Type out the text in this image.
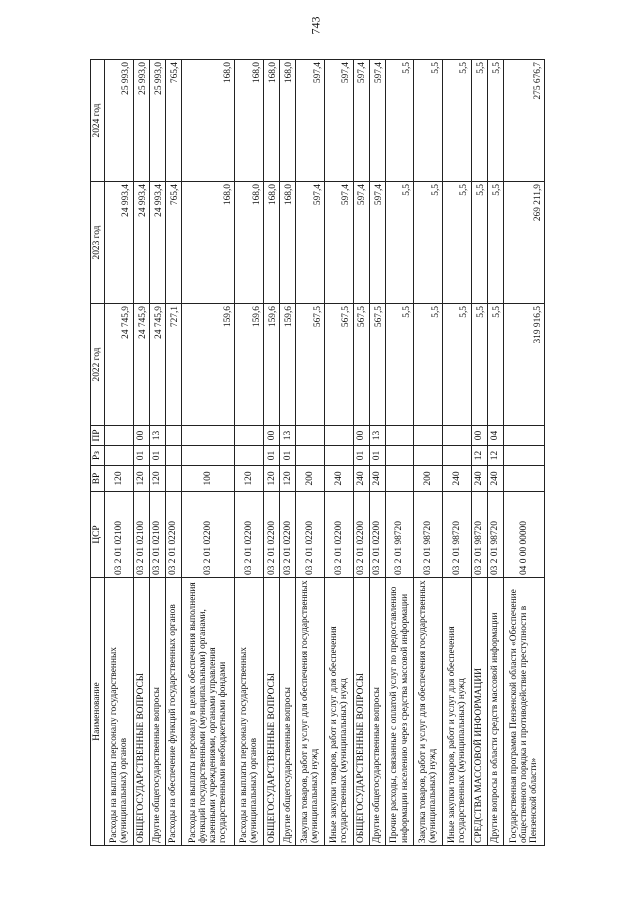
743
Наименование	ЦСР	ВР	Рз	ПР	2022 год	2023 год	2024 год
Расходы на выплаты персоналу государственных (муниципальных) органов	03 2 01 02100	120			24 745,9	24 993,4	25 993,0
ОБЩЕГОСУДАРСТВЕННЫЕ ВОПРОСЫ	03 2 01 02100	120	01	00	24 745,9	24 993,4	25 993,0
Другие общегосударственные вопросы	03 2 01 02100	120	01	13	24 745,9	24 993,4	25 993,0
Расходы на обеспечение функций государственных органов	03 2 01 02200				727,1	765,4	765,4
Расходы на выплаты персоналу в целях обеспечения выполнения функций государственными (муниципальными) органами, казенными учреждениями, органами управления государственными внебюджетными фондами	03 2 01 02200	100			159,6	168,0	168,0
Расходы на выплаты персоналу государственных (муниципальных) органов	03 2 01 02200	120			159,6	168,0	168,0
ОБЩЕГОСУДАРСТВЕННЫЕ ВОПРОСЫ	03 2 01 02200	120	01	00	159,6	168,0	168,0
Другие общегосударственные вопросы	03 2 01 02200	120	01	13	159,6	168,0	168,0
Закупка товаров, работ и услуг для обеспечения государственных (муниципальных) нужд	03 2 01 02200	200			567,5	597,4	597,4
Иные закупки товаров, работ и услуг для обеспечения государственных (муниципальных) нужд	03 2 01 02200	240			567,5	597,4	597,4
ОБЩЕГОСУДАРСТВЕННЫЕ ВОПРОСЫ	03 2 01 02200	240	01	00	567,5	597,4	597,4
Другие общегосударственные вопросы	03 2 01 02200	240	01	13	567,5	597,4	597,4
Прочие расходы, связанные с оплатой услуг по предоставлению информации населению через средства массовой информации	03 2 01 98720				5,5	5,5	5,5
Закупка товаров, работ и услуг для обеспечения государственных (муниципальных) нужд	03 2 01 98720	200			5,5	5,5	5,5
Иные закупки товаров, работ и услуг для обеспечения государственных (муниципальных) нужд	03 2 01 98720	240			5,5	5,5	5,5
СРЕДСТВА МАССОВОЙ ИНФОРМАЦИИ	03 2 01 98720	240	12	00	5,5	5,5	5,5
Другие вопросы в области средств массовой информации	03 2 01 98720	240	12	04	5,5	5,5	5,5
Государственная программа Пензенской области «Обеспечение общественного порядка и противодействие преступности в Пензенской области»	04 0 00 00000				319 916,5	269 211,9	275 676,7
